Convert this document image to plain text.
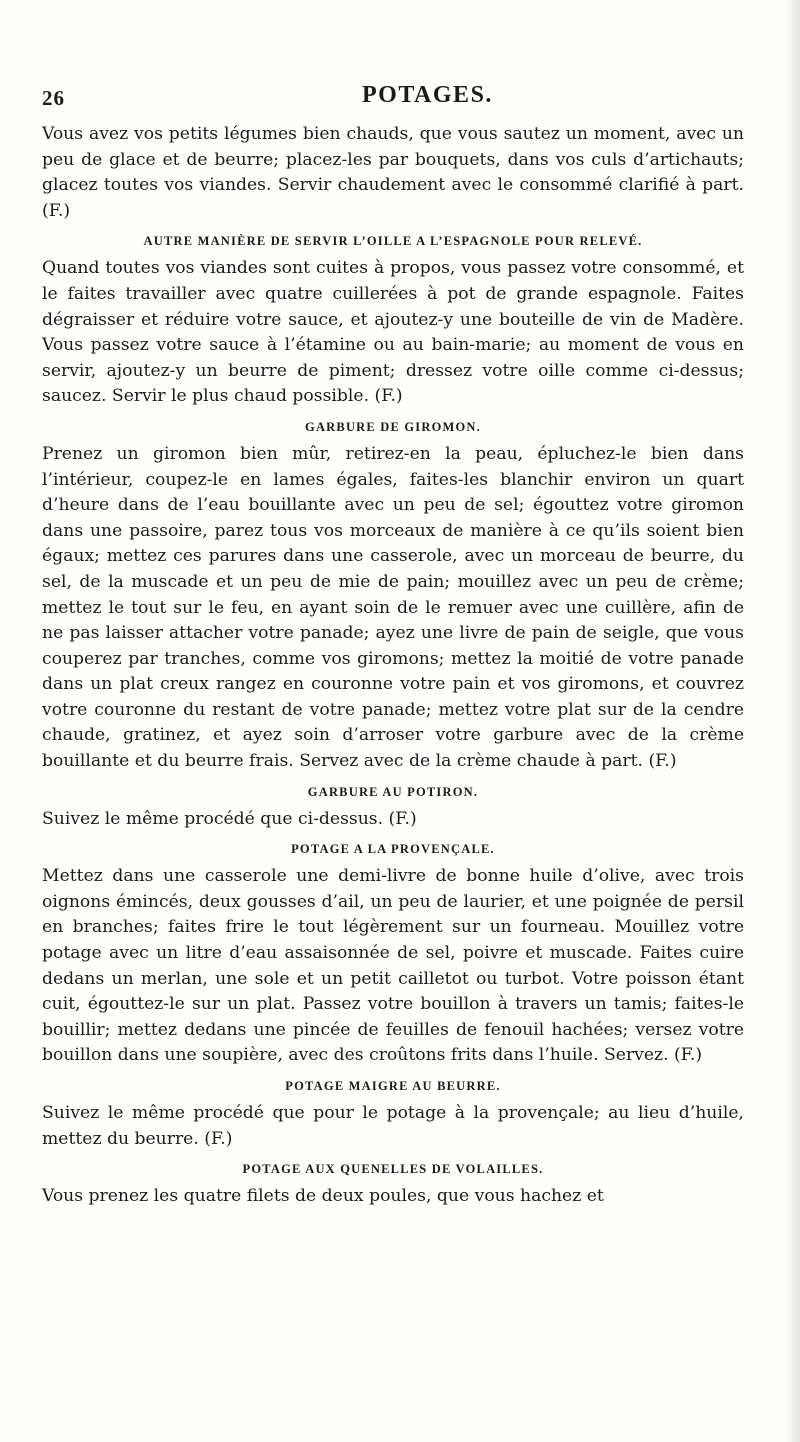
26	POTAGES.

Vous avez vos petits légumes bien chauds, que vous sautez un moment, avec un peu de glace et de beurre; placez-les par bouquets, dans vos culs d’artichauts; glacez toutes vos viandes. Servir chaudement avec le consommé clarifié à part. (F.)

AUTRE MANIÈRE DE SERVIR L’OILLE A L’ESPAGNOLE POUR RELEVÉ.

Quand toutes vos viandes sont cuites à propos, vous passez votre consommé, et le faites travailler avec quatre cuillerées à pot de grande espagnole. Faites dégraisser et réduire votre sauce, et ajoutez-y une bouteille de vin de Madère. Vous passez votre sauce à l’étamine ou au bain-marie; au moment de vous en servir, ajoutez-y un beurre de piment; dressez votre oille comme ci-dessus; saucez. Servir le plus chaud possible. (F.)

GARBURE DE GIROMON.

Prenez un giromon bien mûr, retirez-en la peau, épluchez-le bien dans l’intérieur, coupez-le en lames égales, faites-les blanchir environ un quart d’heure dans de l’eau bouillante avec un peu de sel; égouttez votre giromon dans une passoire, parez tous vos morceaux de manière à ce qu’ils soient bien égaux; mettez ces parures dans une casserole, avec un morceau de beurre, du sel, de la muscade et un peu de mie de pain; mouillez avec un peu de crème; mettez le tout sur le feu, en ayant soin de le remuer avec une cuillère, afin de ne pas laisser attacher votre panade; ayez une livre de pain de seigle, que vous couperez par tranches, comme vos giromons; mettez la moitié de votre panade dans un plat creux rangez en couronne votre pain et vos giromons, et couvrez votre couronne du restant de votre panade; mettez votre plat sur de la cendre chaude, gratinez, et ayez soin d’arroser votre garbure avec de la crème bouillante et du beurre frais. Servez avec de la crème chaude à part. (F.)

GARBURE AU POTIRON.

Suivez le même procédé que ci-dessus. (F.)

POTAGE A LA PROVENÇALE.

Mettez dans une casserole une demi-livre de bonne huile d’olive, avec trois oignons émincés, deux gousses d’ail, un peu de laurier, et une poignée de persil en branches; faites frire le tout légèrement sur un fourneau. Mouillez votre potage avec un litre d’eau assaisonnée de sel, poivre et muscade. Faites cuire dedans un merlan, une sole et un petit cailletot ou turbot. Votre poisson étant cuit, égouttez-le sur un plat. Passez votre bouillon à travers un tamis; faites-le bouillir; mettez dedans une pincée de feuilles de fenouil hachées; versez votre bouillon dans une soupière, avec des croûtons frits dans l’huile. Servez. (F.)

POTAGE MAIGRE AU BEURRE.

Suivez le même procédé que pour le potage à la provençale; au lieu d’huile, mettez du beurre. (F.)

POTAGE AUX QUENELLES DE VOLAILLES.

Vous prenez les quatre filets de deux poules, que vous hachez et
